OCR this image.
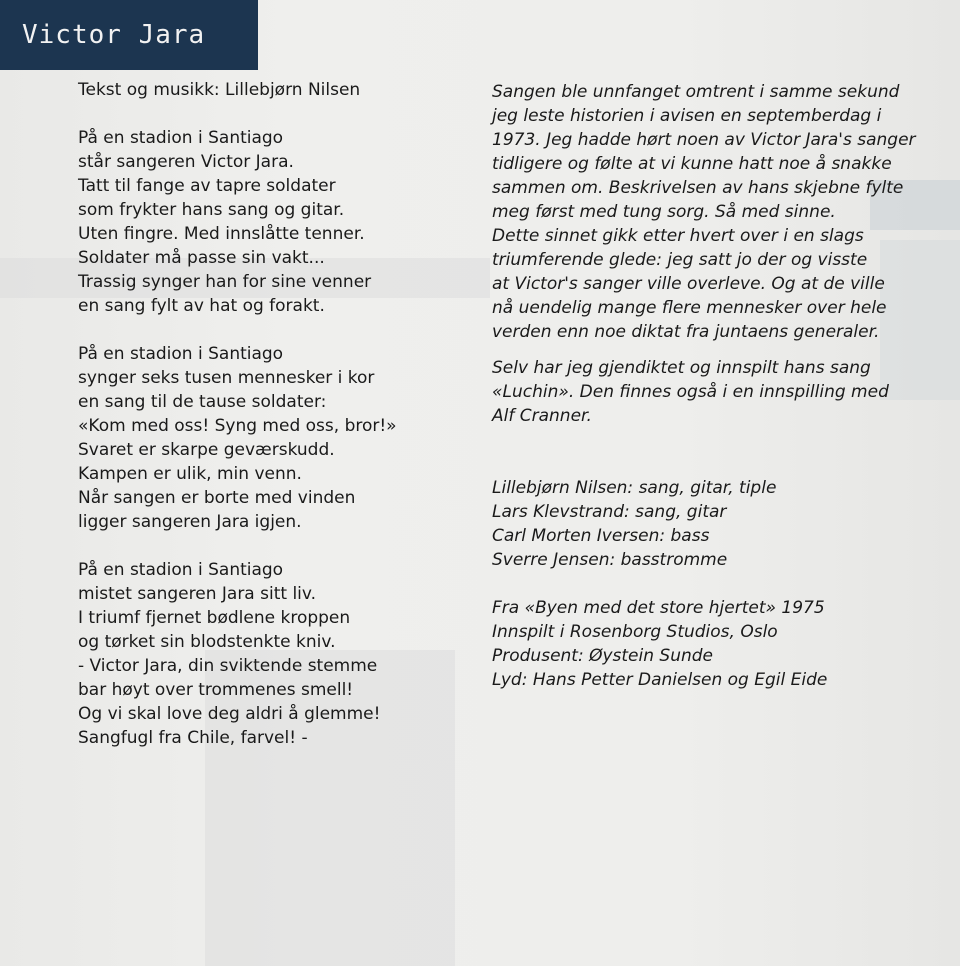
Victor Jara
Tekst og musikk: Lillebjørn Nilsen
På en stadion i Santiago
står sangeren Victor Jara.
Tatt til fange av tapre soldater
som frykter hans sang og gitar.
Uten fingre. Med innslåtte tenner.
Soldater må passe sin vakt...
Trassig synger han for sine venner
en sang fylt av hat og forakt.
På en stadion i Santiago
synger seks tusen mennesker i kor
en sang til de tause soldater:
«Kom med oss! Syng med oss, bror!»
Svaret er skarpe geværskudd.
Kampen er ulik, min venn.
Når sangen er borte med vinden
ligger sangeren Jara igjen.
På en stadion i Santiago
mistet sangeren Jara sitt liv.
I triumf fjernet bødlene kroppen
og tørket sin blodstenkte kniv.
- Victor Jara, din sviktende stemme
bar høyt over trommenes smell!
Og vi skal love deg aldri å glemme!
Sangfugl fra Chile, farvel! -
Sangen ble unnfanget omtrent i samme sekund
jeg leste historien i avisen en septemberdag i
1973. Jeg hadde hørt noen av Victor Jara's sanger
tidligere og følte at vi kunne hatt noe å snakke
sammen om. Beskrivelsen av hans skjebne fylte
meg først med tung sorg. Så med sinne.
Dette sinnet gikk etter hvert over i en slags
triumferende glede: jeg satt jo der og visste
at Victor's sanger ville overleve. Og at de ville
nå uendelig mange flere mennesker over hele
verden enn noe diktat fra juntaens generaler.
Selv har jeg gjendiktet og innspilt hans sang
«Luchin». Den finnes også i en innspilling med
Alf Cranner.
Lillebjørn Nilsen: sang, gitar, tiple
Lars Klevstrand: sang, gitar
Carl Morten Iversen: bass
Sverre Jensen: basstromme
Fra «Byen med det store hjertet» 1975
Innspilt i Rosenborg Studios, Oslo
Produsent: Øystein Sunde
Lyd: Hans Petter Danielsen og Egil Eide
